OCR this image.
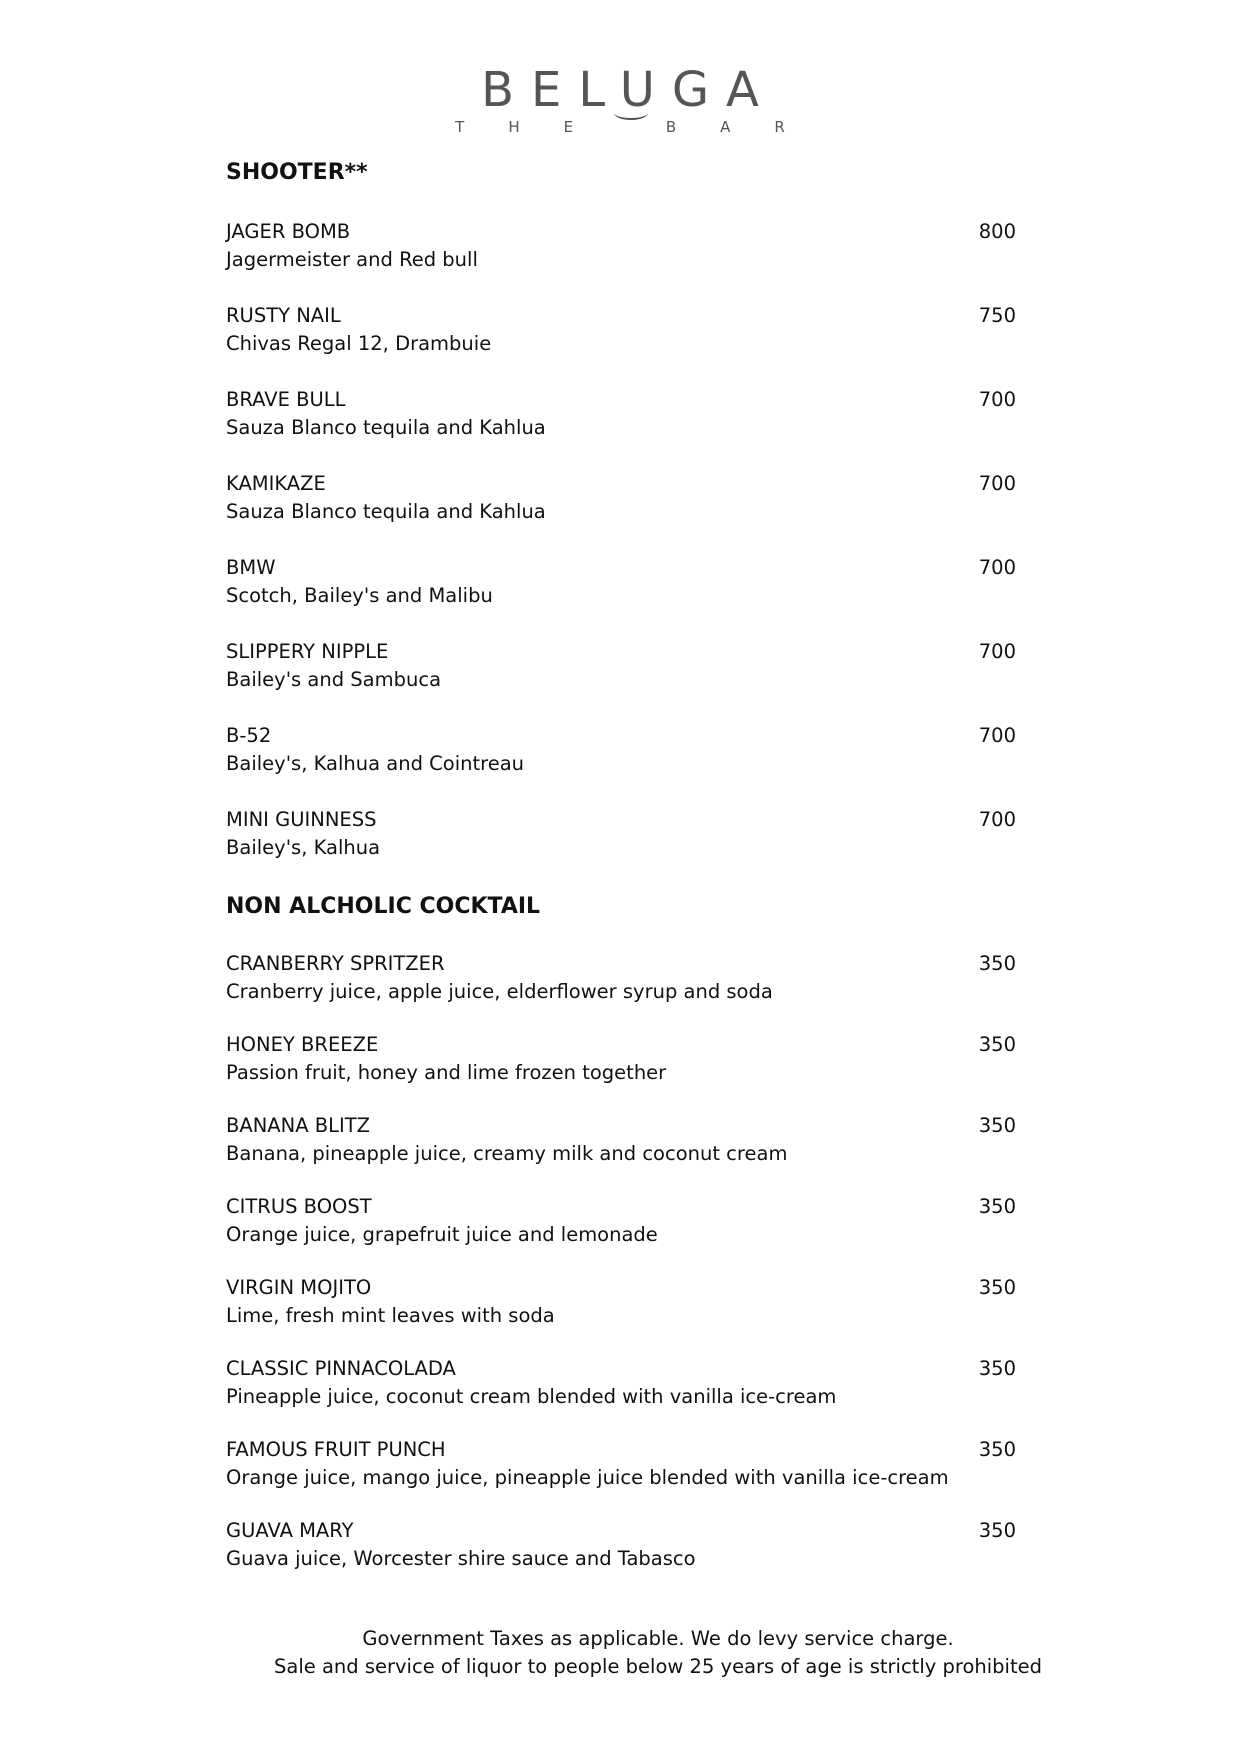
BELUGA
THE BAR
SHOOTER**
JAGER BOMB
Jagermeister and Red bull
800
RUSTY NAIL
Chivas Regal 12, Drambuie
750
BRAVE BULL
Sauza Blanco tequila and Kahlua
700
KAMIKAZE
Sauza Blanco tequila and Kahlua
700
BMW
Scotch, Bailey's and Malibu
700
SLIPPERY NIPPLE
Bailey's and Sambuca
700
B-52
Bailey's, Kalhua and Cointreau
700
MINI GUINNESS
Bailey's, Kalhua
700
NON ALCHOLIC COCKTAIL
CRANBERRY SPRITZER
Cranberry juice, apple juice, elderflower syrup and soda
350
HONEY BREEZE
Passion fruit, honey and lime frozen together
350
BANANA BLITZ
Banana, pineapple juice, creamy milk and coconut cream
350
CITRUS BOOST
Orange juice, grapefruit juice and lemonade
350
VIRGIN MOJITO
Lime, fresh mint leaves with soda
350
CLASSIC PINNACOLADA
Pineapple juice, coconut cream blended with vanilla ice-cream
350
FAMOUS FRUIT PUNCH
Orange juice, mango juice, pineapple juice blended with vanilla ice-cream
350
GUAVA MARY
Guava juice, Worcester shire sauce and Tabasco
350
Government Taxes as applicable. We do levy service charge.
Sale and service of liquor to people below 25 years of age is strictly prohibited
